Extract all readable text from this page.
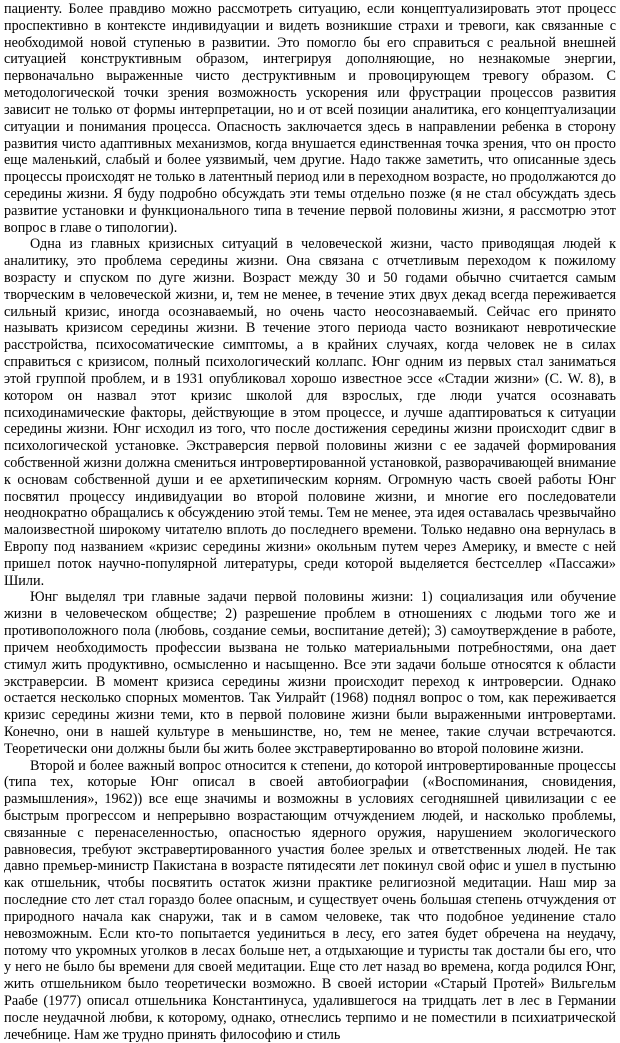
пациенту. Более правдиво можно рассмотреть ситуацию, если концептуализировать этот процесс проспективно в контексте индивидуации и видеть возникшие страхи и тревоги, как связанные с необходимой новой ступенью в развитии. Это помогло бы его справиться с реальной внешней ситуацией конструктивным образом, интегрируя дополняющие, но незнакомые энергии, первоначально выраженные чисто деструктивным и провоцирующем тревогу образом. С методологической точки зрения возможность ускорения или фрустрации процессов развития зависит не только от формы интерпретации, но и от всей позиции аналитика, его концептуализации ситуации и понимания процесса. Опасность заключается здесь в направлении ребенка в сторону развития чисто адаптивных механизмов, когда внушается единственная точка зрения, что он просто еще маленький, слабый и более уязвимый, чем другие. Надо также заметить, что описанные здесь процессы происходят не только в латентный период или в переходном возрасте, но продолжаются до середины жизни. Я буду подробно обсуждать эти темы отдельно позже (я не стал обсуждать здесь развитие установки и функционального типа в течение первой половины жизни, я рассмотрю этот вопрос в главе о типологии).

Одна из главных кризисных ситуаций в человеческой жизни, часто приводящая людей к аналитику, это проблема середины жизни. Она связана с отчетливым переходом к пожилому возрасту и спуском по дуге жизни. Возраст между 30 и 50 годами обычно считается самым творческим в человеческой жизни, и, тем не менее, в течение этих двух декад всегда переживается сильный кризис, иногда осознаваемый, но очень часто неосознаваемый. Сейчас его принято называть кризисом середины жизни. В течение этого периода часто возникают невротические расстройства, психосоматические симптомы, а в крайних случаях, когда человек не в силах справиться с кризисом, полный психологический коллапс. Юнг одним из первых стал заниматься этой группой проблем, и в 1931 опубликовал хорошо известное эссе «Стадии жизни» (С. W. 8), в котором он назвал этот кризис школой для взрослых, где люди учатся осознавать психодинамические факторы, действующие в этом процессе, и лучше адаптироваться к ситуации середины жизни. Юнг исходил из того, что после достижения середины жизни происходит сдвиг в психологической установке. Экстраверсия первой половины жизни с ее задачей формирования собственной жизни должна смениться интровертированной установкой, разворачивающей внимание к основам собственной души и ее архетипическим корням. Огромную часть своей работы Юнг посвятил процессу индивидуации во второй половине жизни, и многие его последователи неоднократно обращались к обсуждению этой темы. Тем не менее, эта идея оставалась чрезвычайно малоизвестной широкому читателю вплоть до последнего времени. Только недавно она вернулась в Европу под названием «кризис середины жизни» окольным путем через Америку, и вместе с ней пришел поток научно-популярной литературы, среди которой выделяется бестселлер «Пассажи» Шили.

Юнг выделял три главные задачи первой половины жизни: 1) социализация или обучение жизни в человеческом обществе; 2) разрешение проблем в отношениях с людьми того же и противоположного пола (любовь, создание семьи, воспитание детей); 3) самоутверждение в работе, причем необходимость профессии вызвана не только материальными потребностями, она дает стимул жить продуктивно, осмысленно и насыщенно. Все эти задачи больше относятся к области экстраверсии. В момент кризиса середины жизни происходит переход к интроверсии. Однако остается несколько спорных моментов. Так Уилрайт (1968) поднял вопрос о том, как переживается кризис середины жизни теми, кто в первой половине жизни были выраженными интровертами. Конечно, они в нашей культуре в меньшинстве, но, тем не менее, такие случаи встречаются. Теоретически они должны были бы жить более экстравертированно во второй половине жизни.

Второй и более важный вопрос относится к степени, до которой интровертированные процессы (типа тех, которые Юнг описал в своей автобиографии («Воспоминания, сновидения, размышления», 1962)) все еще значимы и возможны в условиях сегодняшней цивилизации с ее быстрым прогрессом и непрерывно возрастающим отчуждением людей, и насколько проблемы, связанные с перенаселенностью, опасностью ядерного оружия, нарушением экологического равновесия, требуют экстравертированного участия более зрелых и ответственных людей. Не так давно премьер-министр Пакистана в возрасте пятидесяти лет покинул свой офис и ушел в пустыню как отшельник, чтобы посвятить остаток жизни практике религиозной медитации. Наш мир за последние сто лет стал гораздо более опасным, и существует очень большая степень отчуждения от природного начала как снаружи, так и в самом человеке, так что подобное уединение стало невозможным. Если кто-то попытается уединиться в лесу, его затея будет обречена на неудачу, потому что укромных уголков в лесах больше нет, а отдыхающие и туристы так достали бы его, что у него не было бы времени для своей медитации. Еще сто лет назад во времена, когда родился Юнг, жить отшельником было теоретически возможно. В своей истории «Старый Протей» Вильгельм Раабе (1977) описал отшельника Константинуса, удалившегося на тридцать лет в лес в Германии после неудачной любви, к которому, однако, отнеслись терпимо и не поместили в психиатрической лечебнице. Нам же трудно принять философию и стиль
